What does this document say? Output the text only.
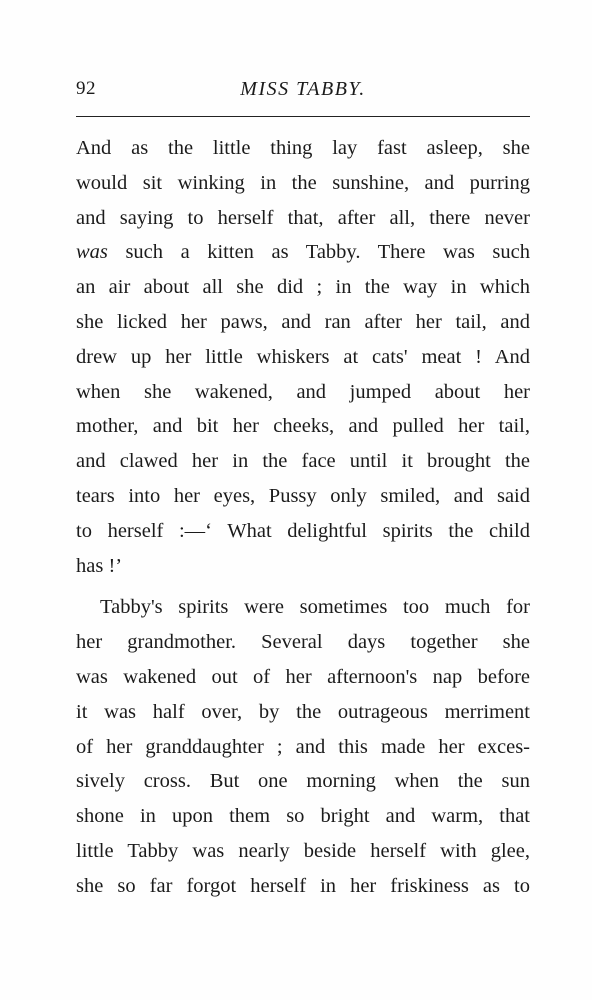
MISS TABBY.
92
And as the little thing lay fast asleep, she
would sit winking in the sunshine, and purring
and saying to herself that, after all, there never
was such a kitten as Tabby. There was such
an air about all she did ; in the way in which
she licked her paws, and ran after her tail, and
drew up her little whiskers at cats' meat ! And
when she wakened, and jumped about her
mother, and bit her cheeks, and pulled her tail,
and clawed her in the face until it brought the
tears into her eyes, Pussy only smiled, and said
to herself :—‘ What delightful spirits the child
has !’
Tabby's spirits were sometimes too much for
her grandmother. Several days together she
was wakened out of her afternoon's nap before
it was half over, by the outrageous merriment
of her granddaughter ; and this made her exces-
sively cross. But one morning when the sun
shone in upon them so bright and warm, that
little Tabby was nearly beside herself with glee,
she so far forgot herself in her friskiness as to
